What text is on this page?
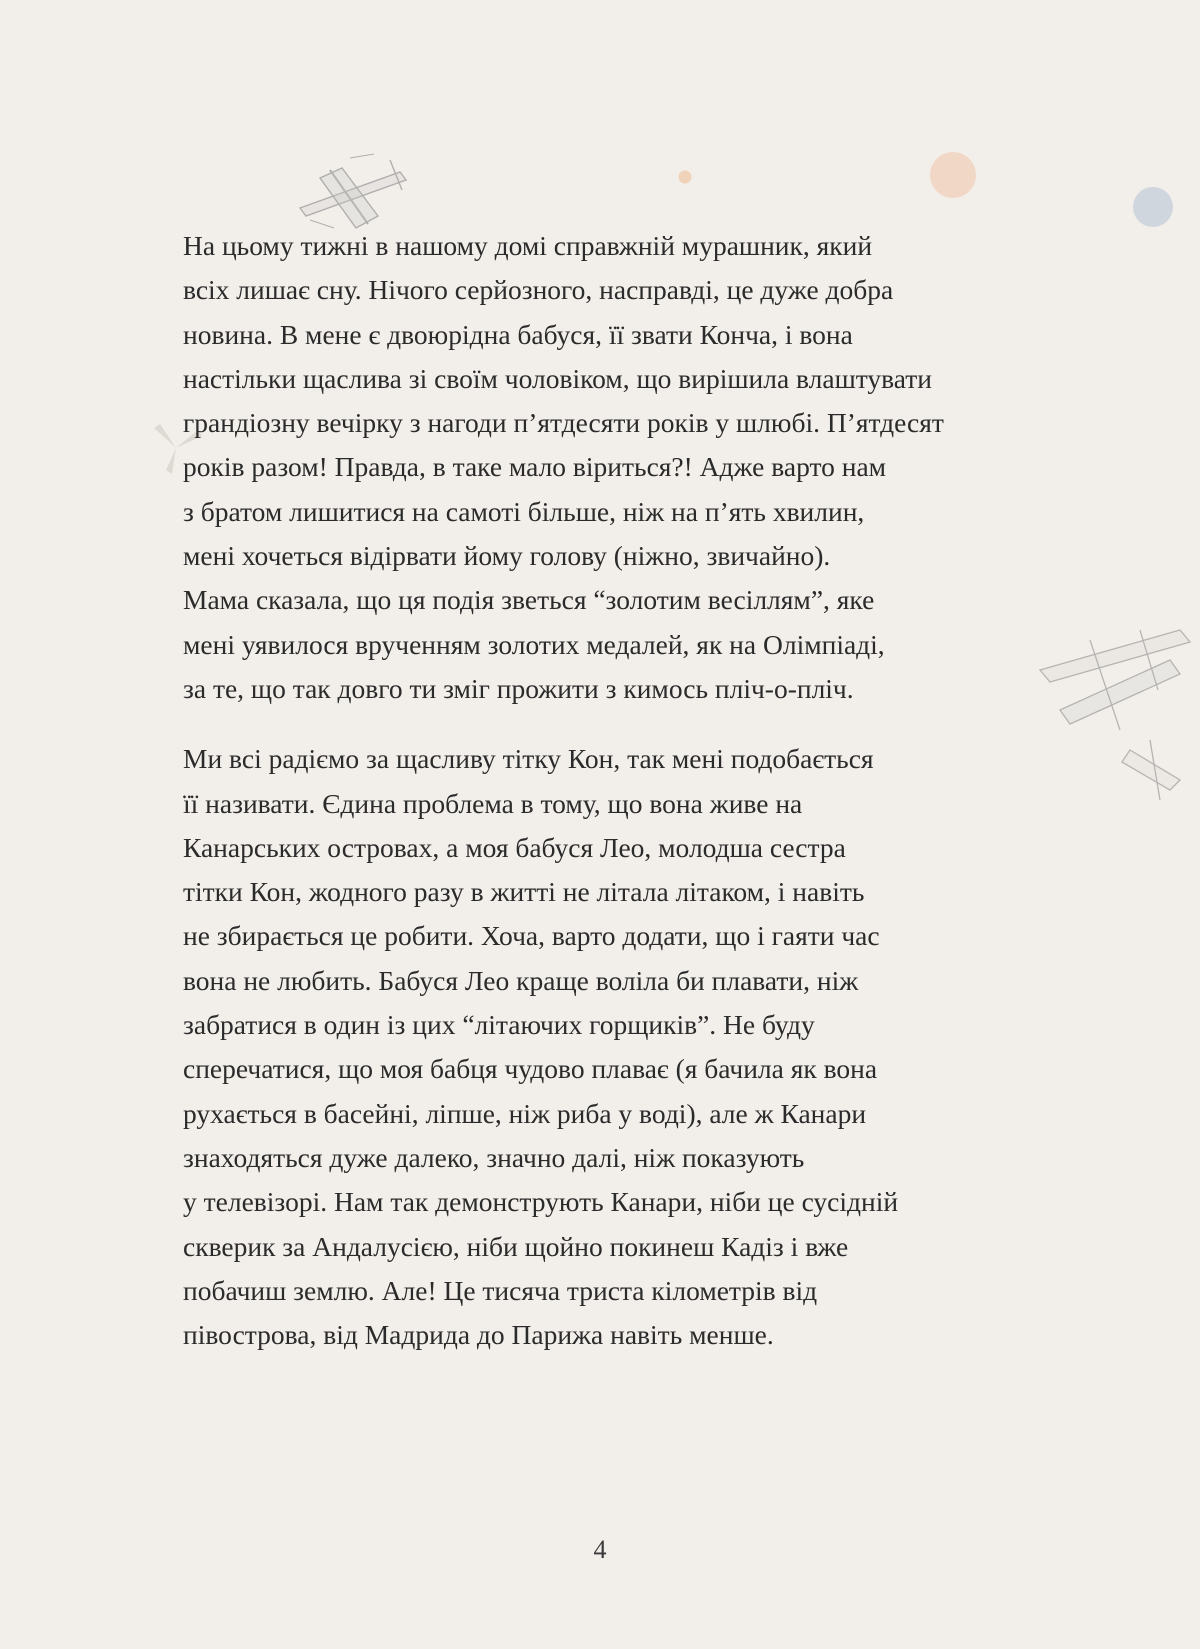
На цьому тижні в нашому домі справжній мурашник, який
всіх лишає сну. Нічого серйозного, насправді, це дуже добра
новина. В мене є двоюрідна бабуся, її звати Конча, і вона
настільки щаслива зі своїм чоловіком, що вирішила влаштувати
грандіозну вечірку з нагоди п’ятдесяти років у шлюбі. П’ятдесят
років разом! Правда, в таке мало віриться?! Адже варто нам
з братом лишитися на самоті більше, ніж на п’ять хвилин,
мені хочеться відірвати йому голову (ніжно, звичайно).
Мама сказала, що ця подія зветься “золотим весіллям”, яке
мені уявилося врученням золотих медалей, як на Олімпіаді,
за те, що так довго ти зміг прожити з кимось пліч-о-пліч.

Ми всі радіємо за щасливу тітку Кон, так мені подобається
її називати. Єдина проблема в тому, що вона живе на
Канарських островах, а моя бабуся Лео, молодша сестра
тітки Кон, жодного разу в житті не літала літаком, і навіть
не збирається це робити. Хоча, варто додати, що і гаяти час
вона не любить. Бабуся Лео краще воліла би плавати, ніж
забратися в один із цих “літаючих горщиків”. Не буду
сперечатися, що моя бабця чудово плаває (я бачила як вона
рухається в басейні, ліпше, ніж риба у воді), але ж Канари
знаходяться дуже далеко, значно далі, ніж показують
у телевізорі. Нам так демонструють Канари, ніби це сусідній
скверик за Андалусією, ніби щойно покинеш Кадіз і вже
побачиш землю. Але! Це тисяча триста кілометрів від
півострова, від Мадрида до Парижа навіть менше.

4
